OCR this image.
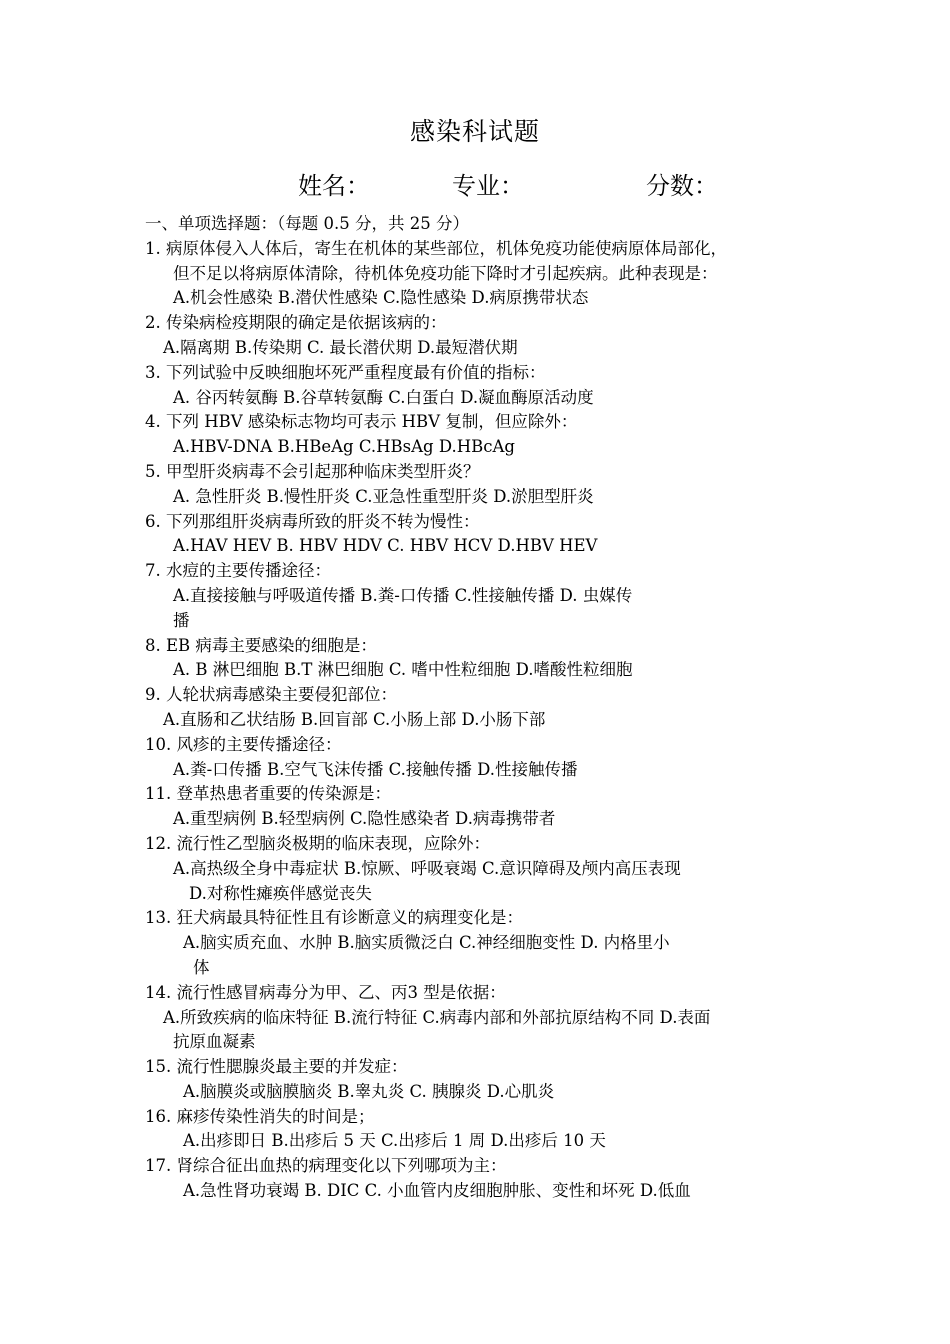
感染科试题
姓名：	专业：	分数：
一、单项选择题：（每题 0.5 分，共 25 分）
1. 病原体侵入人体后，寄生在机体的某些部位，机体免疫功能使病原体局部化，
但不足以将病原体清除，待机体免疫功能下降时才引起疾病。此种表现是：
A.机会性感染 B.潜伏性感染 C.隐性感染 D.病原携带状态
2. 传染病检疫期限的确定是依据该病的：
A.隔离期 B.传染期 C. 最长潜伏期 D.最短潜伏期
3. 下列试验中反映细胞坏死严重程度最有价值的指标：
A. 谷丙转氨酶 B.谷草转氨酶 C.白蛋白 D.凝血酶原活动度
4. 下列 HBV 感染标志物均可表示 HBV 复制，但应除外：
A.HBV-DNA B.HBeAg C.HBsAg D.HBcAg
5. 甲型肝炎病毒不会引起那种临床类型肝炎？
A. 急性肝炎 B.慢性肝炎 C.亚急性重型肝炎 D.淤胆型肝炎
6. 下列那组肝炎病毒所致的肝炎不转为慢性：
A.HAV HEV B. HBV HDV C. HBV HCV D.HBV HEV
7. 水痘的主要传播途径：
A.直接接触与呼吸道传播 B.粪-口传播 C.性接触传播 D. 虫媒传
播
8. EB 病毒主要感染的细胞是：
A. B 淋巴细胞 B.T 淋巴细胞 C. 嗜中性粒细胞 D.嗜酸性粒细胞
9. 人轮状病毒感染主要侵犯部位：
A.直肠和乙状结肠 B.回盲部 C.小肠上部 D.小肠下部
10. 风疹的主要传播途径：
A.粪-口传播 B.空气飞沫传播 C.接触传播 D.性接触传播
11. 登革热患者重要的传染源是：
A.重型病例 B.轻型病例 C.隐性感染者 D.病毒携带者
12. 流行性乙型脑炎极期的临床表现，应除外：
A.高热级全身中毒症状 B.惊厥、呼吸衰竭 C.意识障碍及颅内高压表现
D.对称性瘫痪伴感觉丧失
13. 狂犬病最具特征性且有诊断意义的病理变化是：
A.脑实质充血、水肿 B.脑实质微泛白 C.神经细胞变性 D. 内格里小
体
14. 流行性感冒病毒分为甲、乙、丙3 型是依据：
A.所致疾病的临床特征 B.流行特征 C.病毒内部和外部抗原结构不同 D.表面
抗原血凝素
15. 流行性腮腺炎最主要的并发症：
A.脑膜炎或脑膜脑炎 B.睾丸炎 C. 胰腺炎 D.心肌炎
16. 麻疹传染性消失的时间是；
A.出疹即日 B.出疹后 5 天 C.出疹后 1 周 D.出疹后 10 天
17. 肾综合征出血热的病理变化以下列哪项为主：
A.急性肾功衰竭 B. DIC C. 小血管内皮细胞肿胀、变性和坏死 D.低血
